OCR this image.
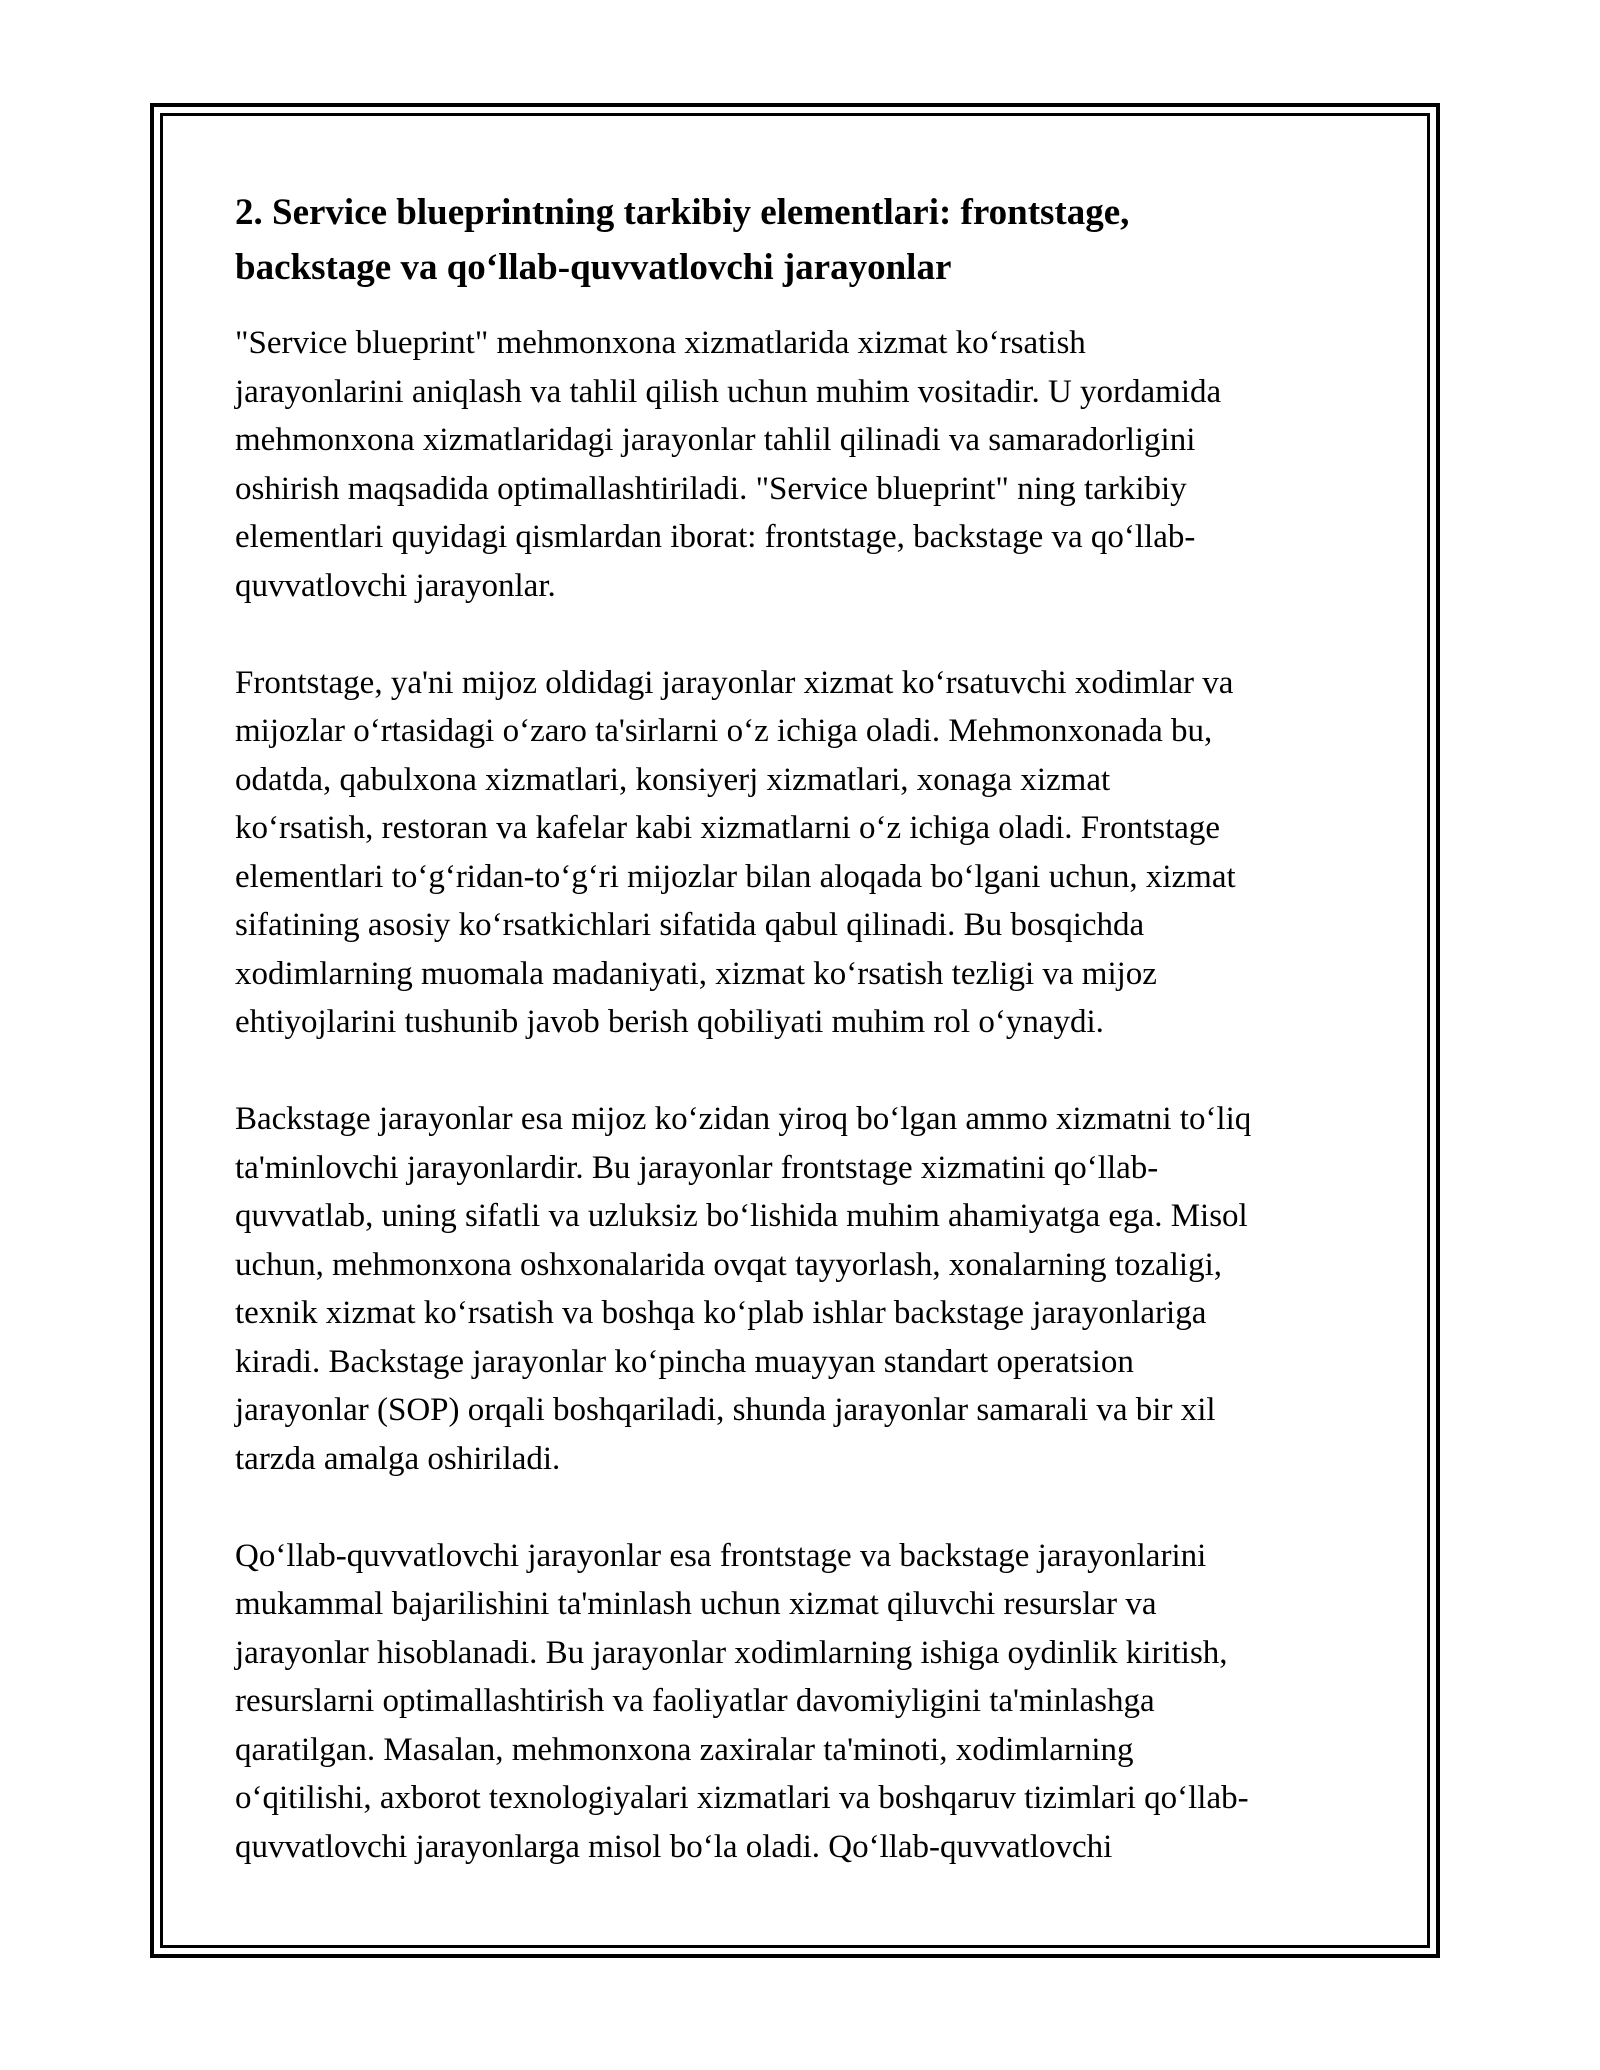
2. Service blueprintning tarkibiy elementlari: frontstage,
backstage va qo‘llab-quvvatlovchi jarayonlar

"Service blueprint" mehmonxona xizmatlarida xizmat ko‘rsatish
jarayonlarini aniqlash va tahlil qilish uchun muhim vositadir. U yordamida
mehmonxona xizmatlaridagi jarayonlar tahlil qilinadi va samaradorligini
oshirish maqsadida optimallashtiriladi. "Service blueprint" ning tarkibiy
elementlari quyidagi qismlardan iborat: frontstage, backstage va qo‘llab-
quvvatlovchi jarayonlar.

Frontstage, ya'ni mijoz oldidagi jarayonlar xizmat ko‘rsatuvchi xodimlar va
mijozlar o‘rtasidagi o‘zaro ta'sirlarni o‘z ichiga oladi. Mehmonxonada bu,
odatda, qabulxona xizmatlari, konsiyerj xizmatlari, xonaga xizmat
ko‘rsatish, restoran va kafelar kabi xizmatlarni o‘z ichiga oladi. Frontstage
elementlari to‘g‘ridan-to‘g‘ri mijozlar bilan aloqada bo‘lgani uchun, xizmat
sifatining asosiy ko‘rsatkichlari sifatida qabul qilinadi. Bu bosqichda
xodimlarning muomala madaniyati, xizmat ko‘rsatish tezligi va mijoz
ehtiyojlarini tushunib javob berish qobiliyati muhim rol o‘ynaydi.

Backstage jarayonlar esa mijoz ko‘zidan yiroq bo‘lgan ammo xizmatni to‘liq
ta'minlovchi jarayonlardir. Bu jarayonlar frontstage xizmatini qo‘llab-
quvvatlab, uning sifatli va uzluksiz bo‘lishida muhim ahamiyatga ega. Misol
uchun, mehmonxona oshxonalarida ovqat tayyorlash, xonalarning tozaligi,
texnik xizmat ko‘rsatish va boshqa ko‘plab ishlar backstage jarayonlariga
kiradi. Backstage jarayonlar ko‘pincha muayyan standart operatsion
jarayonlar (SOP) orqali boshqariladi, shunda jarayonlar samarali va bir xil
tarzda amalga oshiriladi.

Qo‘llab-quvvatlovchi jarayonlar esa frontstage va backstage jarayonlarini
mukammal bajarilishini ta'minlash uchun xizmat qiluvchi resurslar va
jarayonlar hisoblanadi. Bu jarayonlar xodimlarning ishiga oydinlik kiritish,
resurslarni optimallashtirish va faoliyatlar davomiyligini ta'minlashga
qaratilgan. Masalan, mehmonxona zaxiralar ta'minoti, xodimlarning
o‘qitilishi, axborot texnologiyalari xizmatlari va boshqaruv tizimlari qo‘llab-
quvvatlovchi jarayonlarga misol bo‘la oladi. Qo‘llab-quvvatlovchi
